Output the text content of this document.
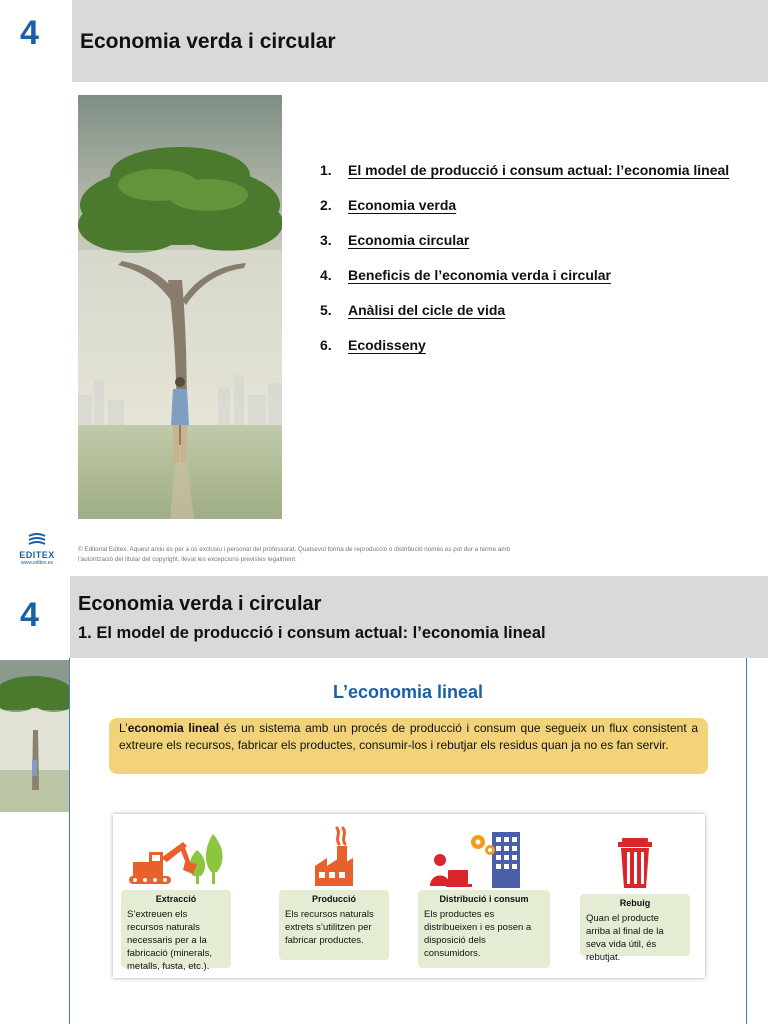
4 Economia verda i circular
1.	El model de producció i consum actual: l’economia lineal
2.	Economia verda
3.	Economia circular
4.	Beneficis de l’economia verda i circular
5.	Anàlisi del cicle de vida
6.	Ecodisseny
EDITEX
www.editex.es

© Editorial Editex. Aquest arxiu és per a ús exclusiu i personal del professorat. Qualsevol forma de reproducció o distribució només es pot dur a terme amb l’autorització del titular del copyright, llevat les excepcions previstes legalment.

4 Economia verda i circular
1. El model de producció i consum actual: l’economia lineal
L’economia lineal
L’economia lineal és un sistema amb un procés de producció i consum que segueix un flux consistent a extreure els recursos, fabricar els productes, consumir-los i rebutjar els residus quan ja no es fan servir.
Extracció
S’extreuen els recursos naturals necessaris per a la fabricació (minerals, metalls, fusta, etc.).
Producció
Els recursos naturals extrets s’utilitzen per fabricar productes.
Distribució i consum
Els productes es distribueixen i es posen a disposició dels consumidors.
Rebuig
Quan el producte arriba al final de la seva vida útil, és rebutjat.
